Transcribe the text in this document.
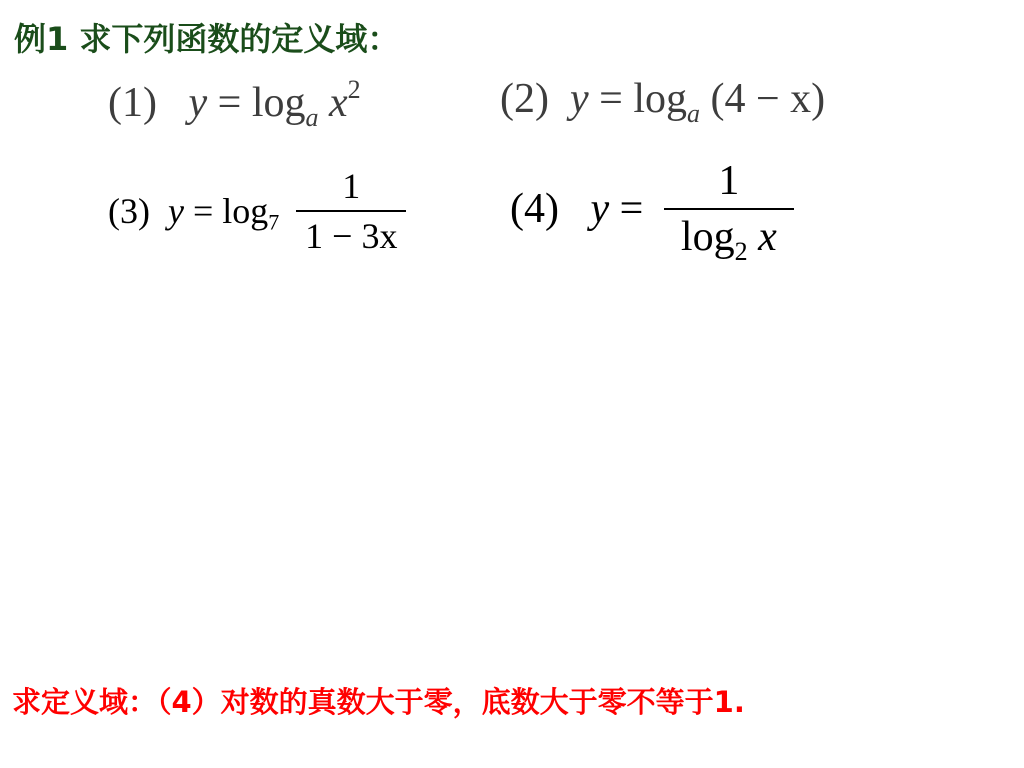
例1 求下列函数的定义域：
(1) $y = \log_a x^2$	(2) $y = \log_a (4 - x)$
(3) $y = \log_7 \frac{1}{1 - 3x} (4) y = \frac{1}{\log_2 x}$
求定义域：（4）对数的真数大于零，底数大于零不等于1.
